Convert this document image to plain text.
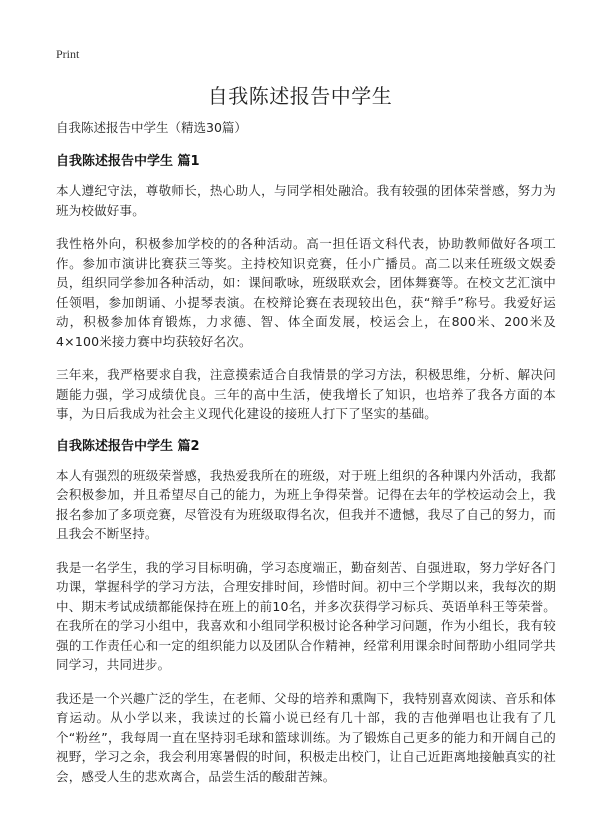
Print
自我陈述报告中学生

自我陈述报告中学生（精选30篇）

自我陈述报告中学生 篇1

本人遵纪守法，尊敬师长，热心助人，与同学相处融洽。我有较强的团体荣誉感，努力为班为校做好事。

我性格外向，积极参加学校的的各种活动。高一担任语文科代表，协助教师做好各项工作。参加市演讲比赛获三等奖。主持校知识竞赛，任小广播员。高二以来任班级文娱委员，组织同学参加各种活动，如：课间歌咏，班级联欢会，团体舞赛等。在校文艺汇演中任领唱，参加朗诵、小提琴表演。在校辩论赛在表现较出色，获“辩手”称号。我爱好运动，积极参加体育锻炼，力求德、智、体全面发展，校运会上，在800米、200米及4×100米接力赛中均获较好名次。

三年来，我严格要求自我，注意摸索适合自我情景的学习方法，积极思维，分析、解决问题能力强，学习成绩优良。三年的高中生活，使我增长了知识，也培养了我各方面的本事，为日后我成为社会主义现代化建设的接班人打下了坚实的基础。

自我陈述报告中学生 篇2

本人有强烈的班级荣誉感，我热爱我所在的班级，对于班上组织的各种课内外活动，我都会积极参加，并且希望尽自己的能力，为班上争得荣誉。记得在去年的学校运动会上，我报名参加了多项竞赛，尽管没有为班级取得名次，但我并不遗憾，我尽了自己的努力，而且我会不断坚持。

我是一名学生，我的学习目标明确，学习态度端正，勤奋刻苦、自强进取，努力学好各门功课，掌握科学的学习方法，合理安排时间，珍惜时间。初中三个学期以来，我每次的期中、期末考试成绩都能保持在班上的前10名，并多次获得学习标兵、英语单科王等荣誉。在我所在的学习小组中，我喜欢和小组同学积极讨论各种学习问题，作为小组长，我有较强的工作责任心和一定的组织能力以及团队合作精神，经常利用课余时间帮助小组同学共同学习，共同进步。

我还是一个兴趣广泛的学生，在老师、父母的培养和熏陶下，我特别喜欢阅读、音乐和体育运动。从小学以来，我读过的长篇小说已经有几十部，我的吉他弹唱也让我有了几个“粉丝”，我每周一直在坚持羽毛球和篮球训练。为了锻炼自己更多的能力和开阔自己的视野，学习之余，我会利用寒暑假的时间，积极走出校门，让自己近距离地接触真实的社会，感受人生的悲欢离合，品尝生活的酸甜苦辣。
